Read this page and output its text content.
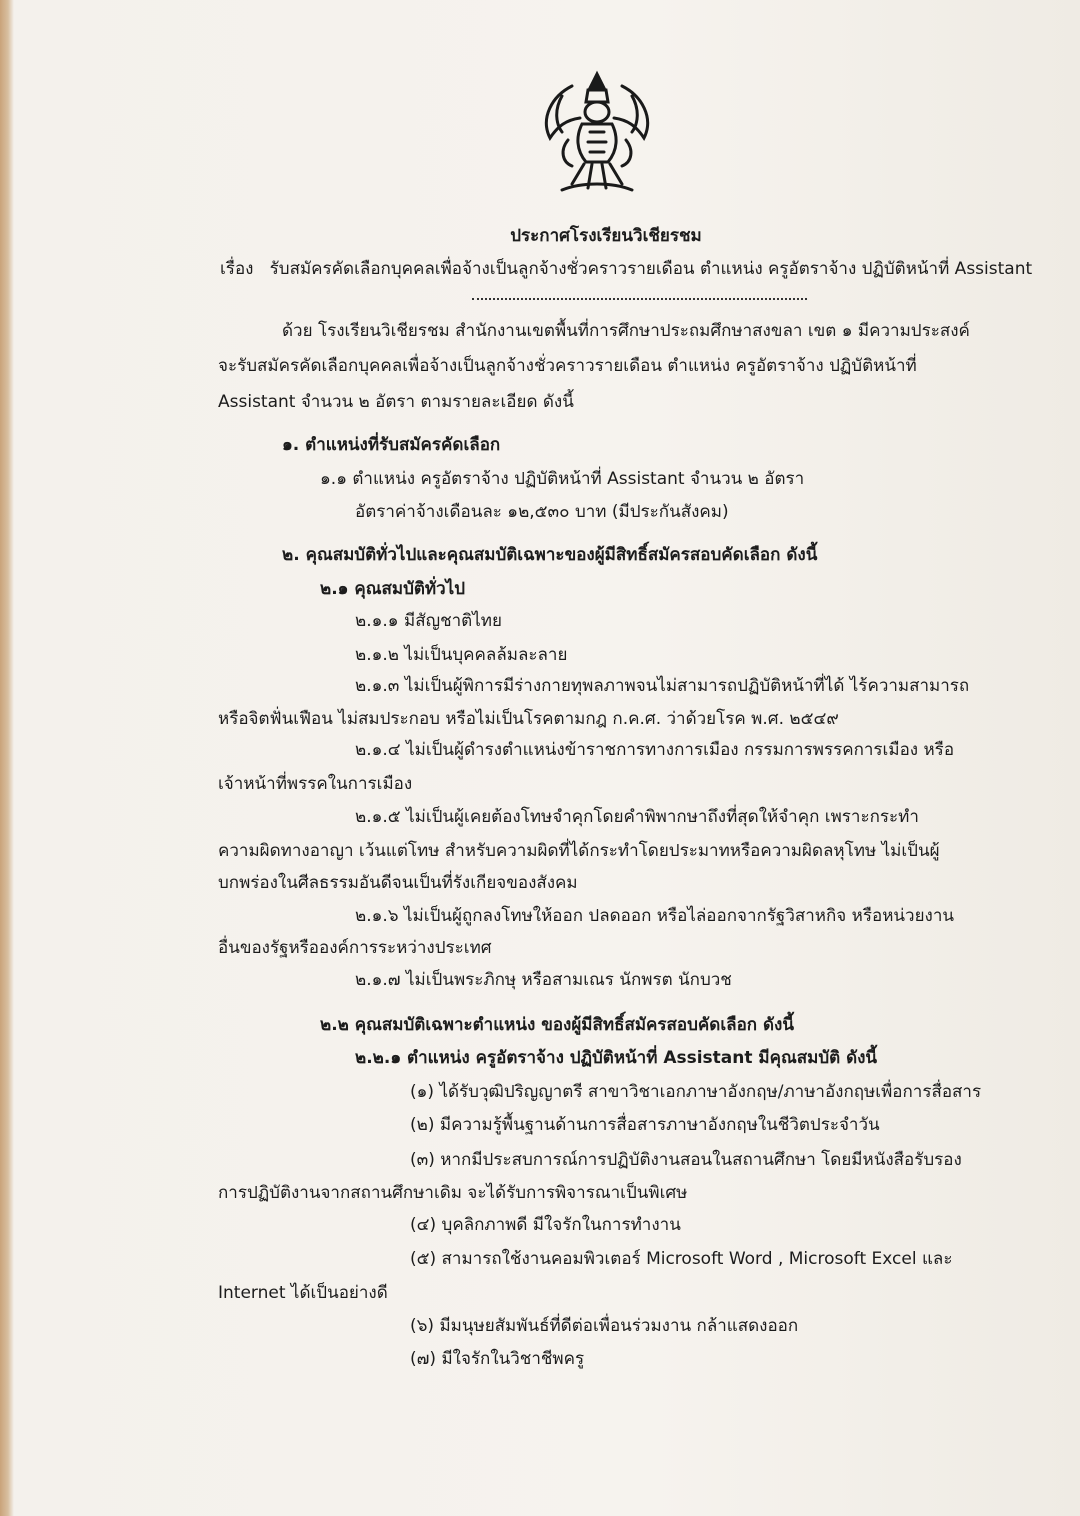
ประกาศโรงเรียนวิเชียรชม
เรื่อง รับสมัครคัดเลือกบุคคลเพื่อจ้างเป็นลูกจ้างชั่วคราวรายเดือน ตำแหน่ง ครูอัตราจ้าง ปฏิบัติหน้าที่ Assistant
ด้วย โรงเรียนวิเชียรชม สำนักงานเขตพื้นที่การศึกษาประถมศึกษาสงขลา เขต ๑ มีความประสงค์
จะรับสมัครคัดเลือกบุคคลเพื่อจ้างเป็นลูกจ้างชั่วคราวรายเดือน ตำแหน่ง ครูอัตราจ้าง ปฏิบัติหน้าที่
Assistant จำนวน ๒ อัตรา ตามรายละเอียด ดังนี้
๑. ตำแหน่งที่รับสมัครคัดเลือก
๑.๑ ตำแหน่ง ครูอัตราจ้าง ปฏิบัติหน้าที่ Assistant จำนวน ๒ อัตรา
อัตราค่าจ้างเดือนละ ๑๒,๕๓๐ บาท (มีประกันสังคม)
๒. คุณสมบัติทั่วไปและคุณสมบัติเฉพาะของผู้มีสิทธิ์สมัครสอบคัดเลือก ดังนี้
๒.๑ คุณสมบัติทั่วไป
๒.๑.๑ มีสัญชาติไทย
๒.๑.๒ ไม่เป็นบุคคลล้มละลาย
๒.๑.๓ ไม่เป็นผู้พิการมีร่างกายทุพลภาพจนไม่สามารถปฏิบัติหน้าที่ได้ ไร้ความสามารถ
หรือจิตฟั่นเฟือน ไม่สมประกอบ หรือไม่เป็นโรคตามกฎ ก.ค.ศ. ว่าด้วยโรค พ.ศ. ๒๕๔๙
๒.๑.๔ ไม่เป็นผู้ดำรงตำแหน่งข้าราชการทางการเมือง กรรมการพรรคการเมือง หรือ
เจ้าหน้าที่พรรคในการเมือง
๒.๑.๕ ไม่เป็นผู้เคยต้องโทษจำคุกโดยคำพิพากษาถึงที่สุดให้จำคุก เพราะกระทำ
ความผิดทางอาญา เว้นแต่โทษ สำหรับความผิดที่ได้กระทำโดยประมาทหรือความผิดลหุโทษ ไม่เป็นผู้
บกพร่องในศีลธรรมอันดีจนเป็นที่รังเกียจของสังคม
๒.๑.๖ ไม่เป็นผู้ถูกลงโทษให้ออก ปลดออก หรือไล่ออกจากรัฐวิสาหกิจ หรือหน่วยงาน
อื่นของรัฐหรือองค์การระหว่างประเทศ
๒.๑.๗ ไม่เป็นพระภิกษุ หรือสามเณร นักพรต นักบวช
๒.๒ คุณสมบัติเฉพาะตำแหน่ง ของผู้มีสิทธิ์สมัครสอบคัดเลือก ดังนี้
๒.๒.๑ ตำแหน่ง ครูอัตราจ้าง ปฏิบัติหน้าที่ Assistant มีคุณสมบัติ ดังนี้
(๑) ได้รับวุฒิปริญญาตรี สาขาวิชาเอกภาษาอังกฤษ/ภาษาอังกฤษเพื่อการสื่อสาร
(๒) มีความรู้พื้นฐานด้านการสื่อสารภาษาอังกฤษในชีวิตประจำวัน
(๓) หากมีประสบการณ์การปฏิบัติงานสอนในสถานศึกษา โดยมีหนังสือรับรอง
การปฏิบัติงานจากสถานศึกษาเดิม จะได้รับการพิจารณาเป็นพิเศษ
(๔) บุคลิกภาพดี มีใจรักในการทำงาน
(๕) สามารถใช้งานคอมพิวเตอร์ Microsoft Word , Microsoft Excel และ
Internet ได้เป็นอย่างดี
(๖) มีมนุษยสัมพันธ์ที่ดีต่อเพื่อนร่วมงาน กล้าแสดงออก
(๗) มีใจรักในวิชาชีพครู
